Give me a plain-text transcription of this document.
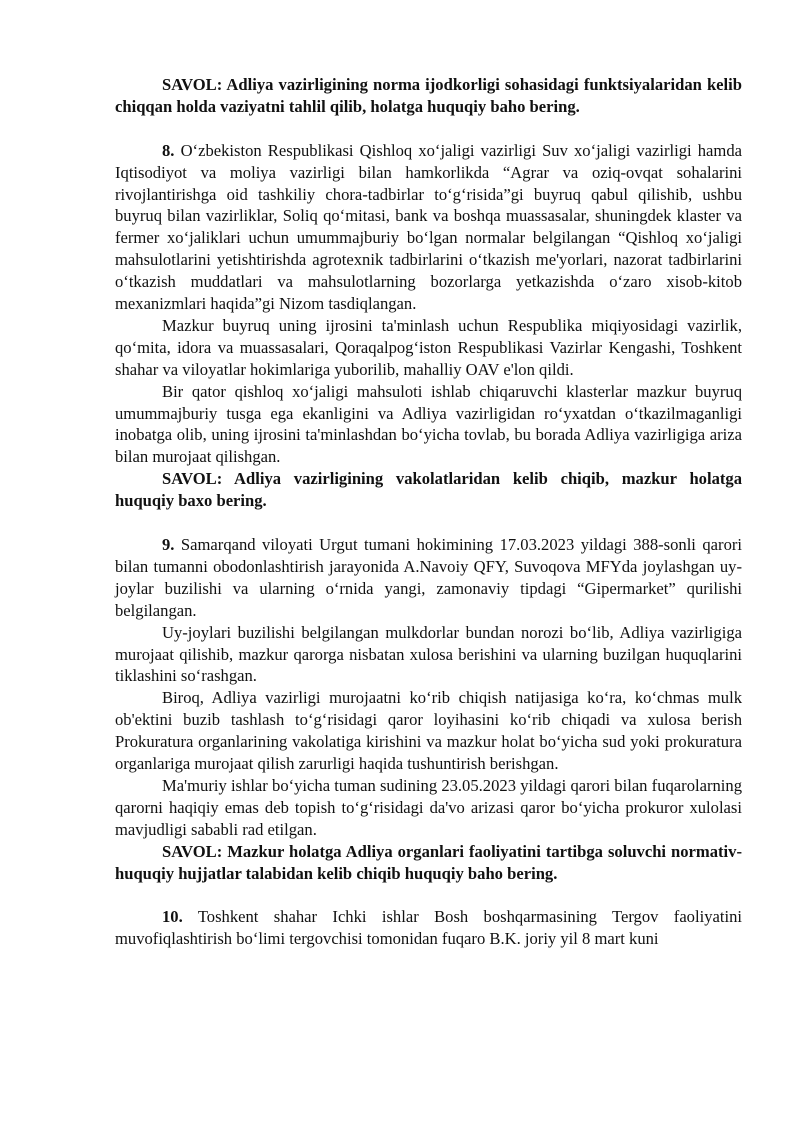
SAVOL: Adliya vazirligining norma ijodkorligi sohasidagi funktsiyalaridan kelib chiqqan holda vaziyatni tahlil qilib, holatga huquqiy baho bering.

8. O‘zbekiston Respublikasi Qishloq xo‘jaligi vazirligi Suv xo‘jaligi vazirligi hamda Iqtisodiyot va moliya vazirligi bilan hamkorlikda “Agrar va oziq-ovqat sohalarini rivojlantirishga oid tashkiliy chora-tadbirlar to‘g‘risida”gi buyruq qabul qilishib, ushbu buyruq bilan vazirliklar, Soliq qo‘mitasi, bank va boshqa muassasalar, shuningdek klaster va fermer xo‘jaliklari uchun umummajburiy bo‘lgan normalar belgilangan “Qishloq xo‘jaligi mahsulotlarini yetishtirishda agrotexnik tadbirlarini o‘tkazish me'yorlari, nazorat tadbirlarini o‘tkazish muddatlari va mahsulotlarning bozorlarga yetkazishda o‘zaro xisob-kitob mexanizmlari haqida”gi Nizom tasdiqlangan.

Mazkur buyruq uning ijrosini ta'minlash uchun Respublika miqiyosidagi vazirlik, qo‘mita, idora va muassasalari, Qoraqalpog‘iston Respublikasi Vazirlar Kengashi, Toshkent shahar va viloyatlar hokimlariga yuborilib, mahalliy OAV e'lon qildi.

Bir qator qishloq xo‘jaligi mahsuloti ishlab chiqaruvchi klasterlar mazkur buyruq umummajburiy tusga ega ekanligini va Adliya vazirligidan ro‘yxatdan o‘tkazilmaganligi inobatga olib, uning ijrosini ta'minlashdan bo‘yicha tovlab, bu borada Adliya vazirligiga ariza bilan murojaat qilishgan.

SAVOL: Adliya vazirligining vakolatlaridan kelib chiqib, mazkur holatga huquqiy baxo bering.

9. Samarqand viloyati Urgut tumani hokimining 17.03.2023 yildagi 388-sonli qarori bilan tumanni obodonlashtirish jarayonida A.Navoiy QFY, Suvoqova MFYda joylashgan uy-joylar buzilishi va ularning o‘rnida yangi, zamonaviy tipdagi “Gipermarket” qurilishi belgilangan.

Uy-joylari buzilishi belgilangan mulkdorlar bundan norozi bo‘lib, Adliya vazirligiga murojaat qilishib, mazkur qarorga nisbatan xulosa berishini va ularning buzilgan huquqlarini tiklashini so‘rashgan.

Biroq, Adliya vazirligi murojaatni ko‘rib chiqish natijasiga ko‘ra, ko‘chmas mulk ob'ektini buzib tashlash to‘g‘risidagi qaror loyihasini ko‘rib chiqadi va xulosa berish Prokuratura organlarining vakolatiga kirishini va mazkur holat bo‘yicha sud yoki prokuratura organlariga murojaat qilish zarurligi haqida tushuntirish berishgan.

Ma'muriy ishlar bo‘yicha tuman sudining 23.05.2023 yildagi qarori bilan fuqarolarning qarorni haqiqiy emas deb topish to‘g‘risidagi da'vo arizasi qaror bo‘yicha prokuror xulolasi mavjudligi sababli rad etilgan.

SAVOL: Mazkur holatga Adliya organlari faoliyatini tartibga soluvchi normativ-huquqiy hujjatlar talabidan kelib chiqib huquqiy baho bering.

10. Toshkent shahar Ichki ishlar Bosh boshqarmasining Tergov faoliyatini muvofiqlashtirish bo‘limi tergovchisi tomonidan fuqaro B.K. joriy yil 8 mart kuni
